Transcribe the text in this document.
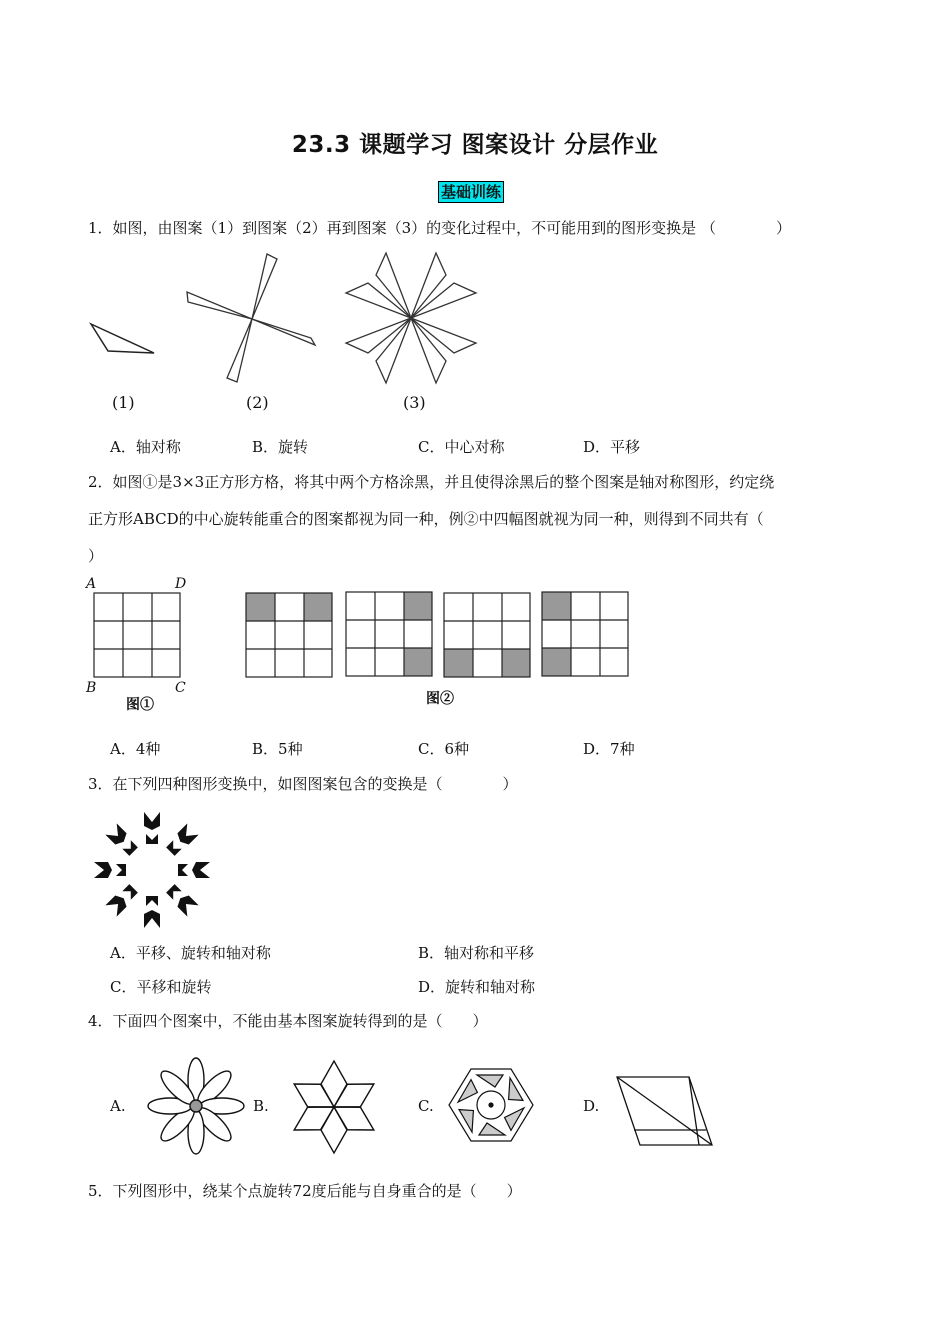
23.3 课题学习 图案设计 分层作业
基础训练
1．如图，由图案（1）到图案（2）再到图案（3）的变化过程中，不可能用到的图形变换是 （　　　　）
(1)	(2)	(3)
A．轴对称	B．旋转	C．中心对称	D．平移
2．如图①是3×3正方形方格，将其中两个方格涂黑，并且使得涂黑后的整个图案是轴对称图形，约定绕
正方形ABCD的中心旋转能重合的图案都视为同一种，例②中四幅图就视为同一种，则得到不同共有（
）
A	D
B	C
图①	图②
A．4种	B．5种	C．6种	D．7种
3．在下列四种图形变换中，如图图案包含的变换是（　　　　）
A．平移、旋转和轴对称	B．轴对称和平移
C．平移和旋转	D．旋转和轴对称
4．下面四个图案中，不能由基本图案旋转得到的是（　　）
A.	B.	C.	D.
5．下列图形中，绕某个点旋转72度后能与自身重合的是（　　）
